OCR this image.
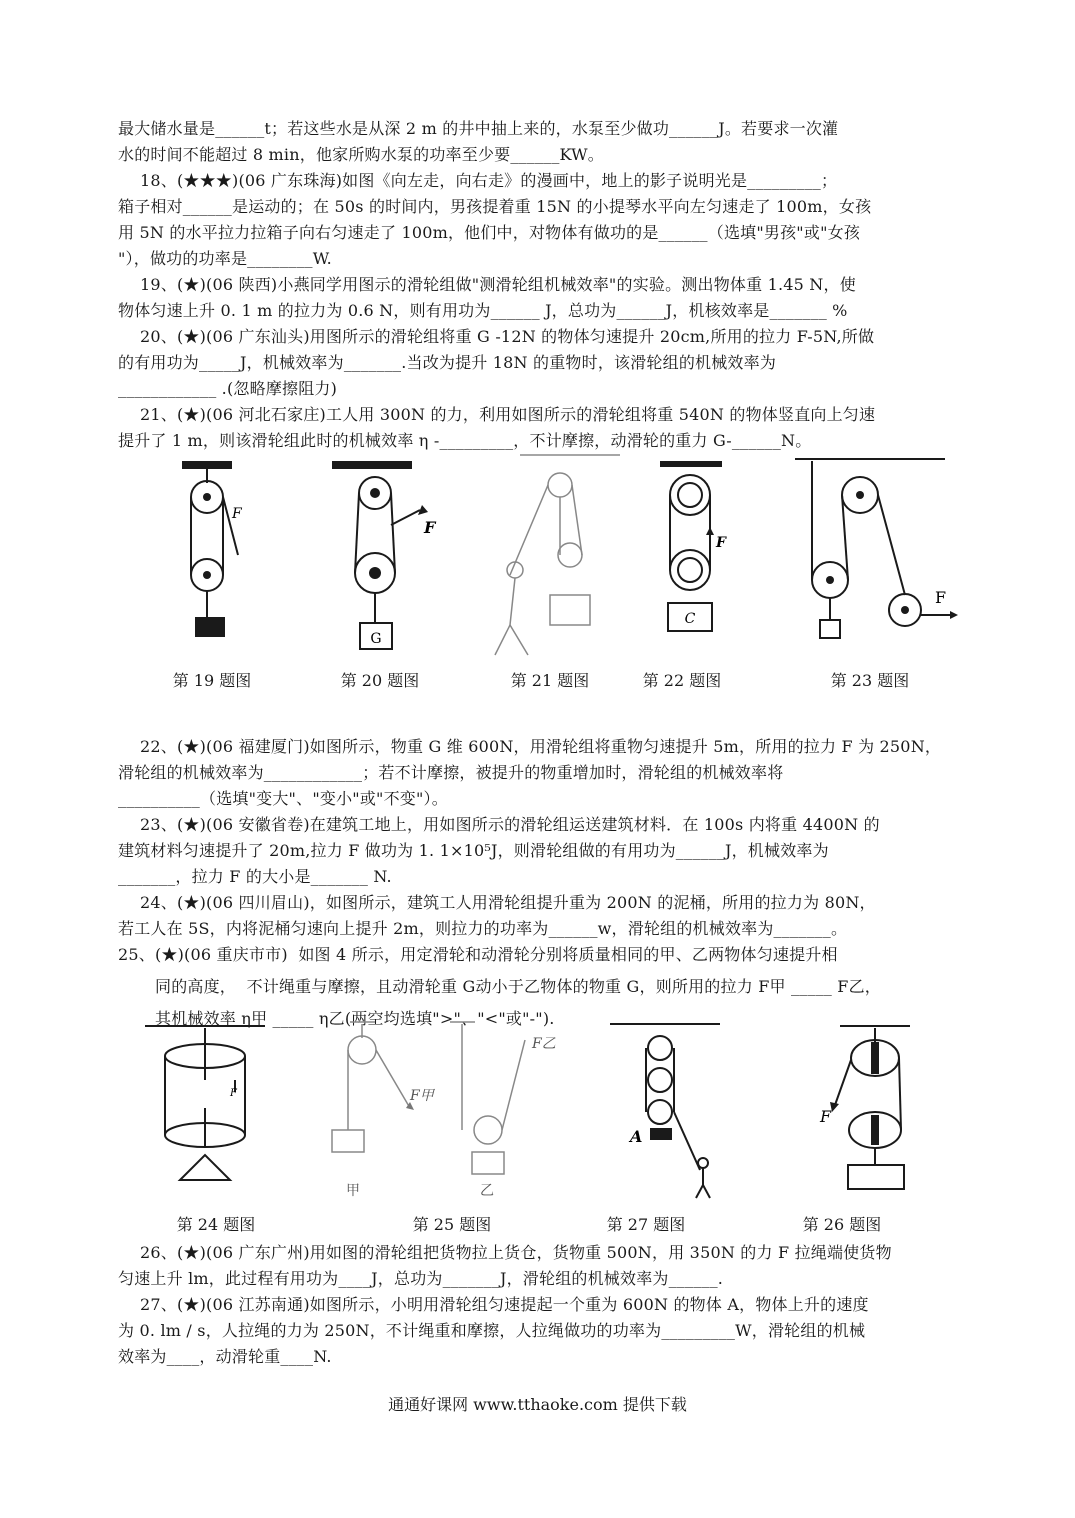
最大储水量是______t；若这些水是从深 2 m 的井中抽上来的，水泵至少做功______J。若要求一次灌
水的时间不能超过 8 min，他家所购水泵的功率至少要______KW。
18、(★★★)(06 广东珠海)如图《向左走，向右走》的漫画中，地上的影子说明光是_________；
箱子相对______是运动的；在 50s 的时间内，男孩提着重 15N 的小提琴水平向左匀速走了 100m，女孩
用 5N 的水平拉力拉箱子向右匀速走了 100m，他们中，对物体有做功的是______（选填"男孩"或"女孩
"），做功的功率是________W.
19、(★)(06 陕西)小燕同学用图示的滑轮组做"测滑轮组机械效率"的实验。测出物体重 1.45 N，使
物体匀速上升 0. 1 m 的拉力为 0.6 N，则有用功为______ J，总功为______J，机核效率是_______ %
20、(★)(06 广东汕头)用图所示的滑轮组将重 G -12N 的物体匀速提升 20cm,所用的拉力 F-5N,所做
的有用功为_____J，机械效率为_______.当改为提升 18N 的重物时，该滑轮组的机械效率为
____________ .(忽略摩擦阻力)
21、(★)(06 河北石家庄)工人用 300N 的力，利用如图所示的滑轮组将重 540N 的物体竖直向上匀速
提升了 1 m，则该滑轮组此时的机械效率 η -_________，不计摩擦，动滑轮的重力 G-______N。
F
F
G
F
C
F
第 19 题图	第 20 题图	第 21 题图	第 22 题图	第 23 题图
22、(★)(06 福建厦门)如图所示，物重 G 维 600N，用滑轮组将重物匀速提升 5m，所用的拉力 F 为 250N，
滑轮组的机械效率为____________；若不计摩擦，被提升的物重增加时，滑轮组的机械效率将
__________（选填"变大"、"变小"或"不变"）。
23、(★)(06 安徽省卷)在建筑工地上，用如图所示的滑轮组运送建筑材料．在 100s 内将重 4400N 的
建筑材料匀速提升了 20m,拉力 F 做功为 1. 1×10⁵J，则滑轮组做的有用功为______J，机械效率为
_______，拉力 F 的大小是_______ N.
24、(★)(06 四川眉山)，如图所示，建筑工人用滑轮组提升重为 200N 的泥桶，所用的拉力为 80N，
若工人在 5S，内将泥桶匀速向上提升 2m，则拉力的功率为______w，滑轮组的机械效率为_______。
25、(★)(06 重庆市市)  如图 4 所示，用定滑轮和动滑轮分别将质量相同的甲、乙两物体匀速提升相
同的高度，  不计绳重与摩擦，且动滑轮重 G动小于乙物体的物重 G，则所用的拉力 F甲 _____ F乙，
其机械效率 η甲 _____ η乙(两空均选填">"、"<"或"-").
F	F甲
F乙
甲	乙
A
F
第 24 题图	第 25 题图	第 27 题图	第 26 题图
26、(★)(06 广东广州)用如图的滑轮组把货物拉上货仓，货物重 500N，用 350N 的力 F 拉绳端使货物
匀速上升 lm，此过程有用功为____J，总功为_______J，滑轮组的机械效率为______.
27、(★)(06 江苏南通)如图所示，小明用滑轮组匀速提起一个重为 600N 的物体 A，物体上升的速度
为 0. lm / s，人拉绳的力为 250N，不计绳重和摩擦，人拉绳做功的功率为_________W，滑轮组的机械
效率为____，动滑轮重____N.
通通好课网 www.tthaoke.com 提供下载
